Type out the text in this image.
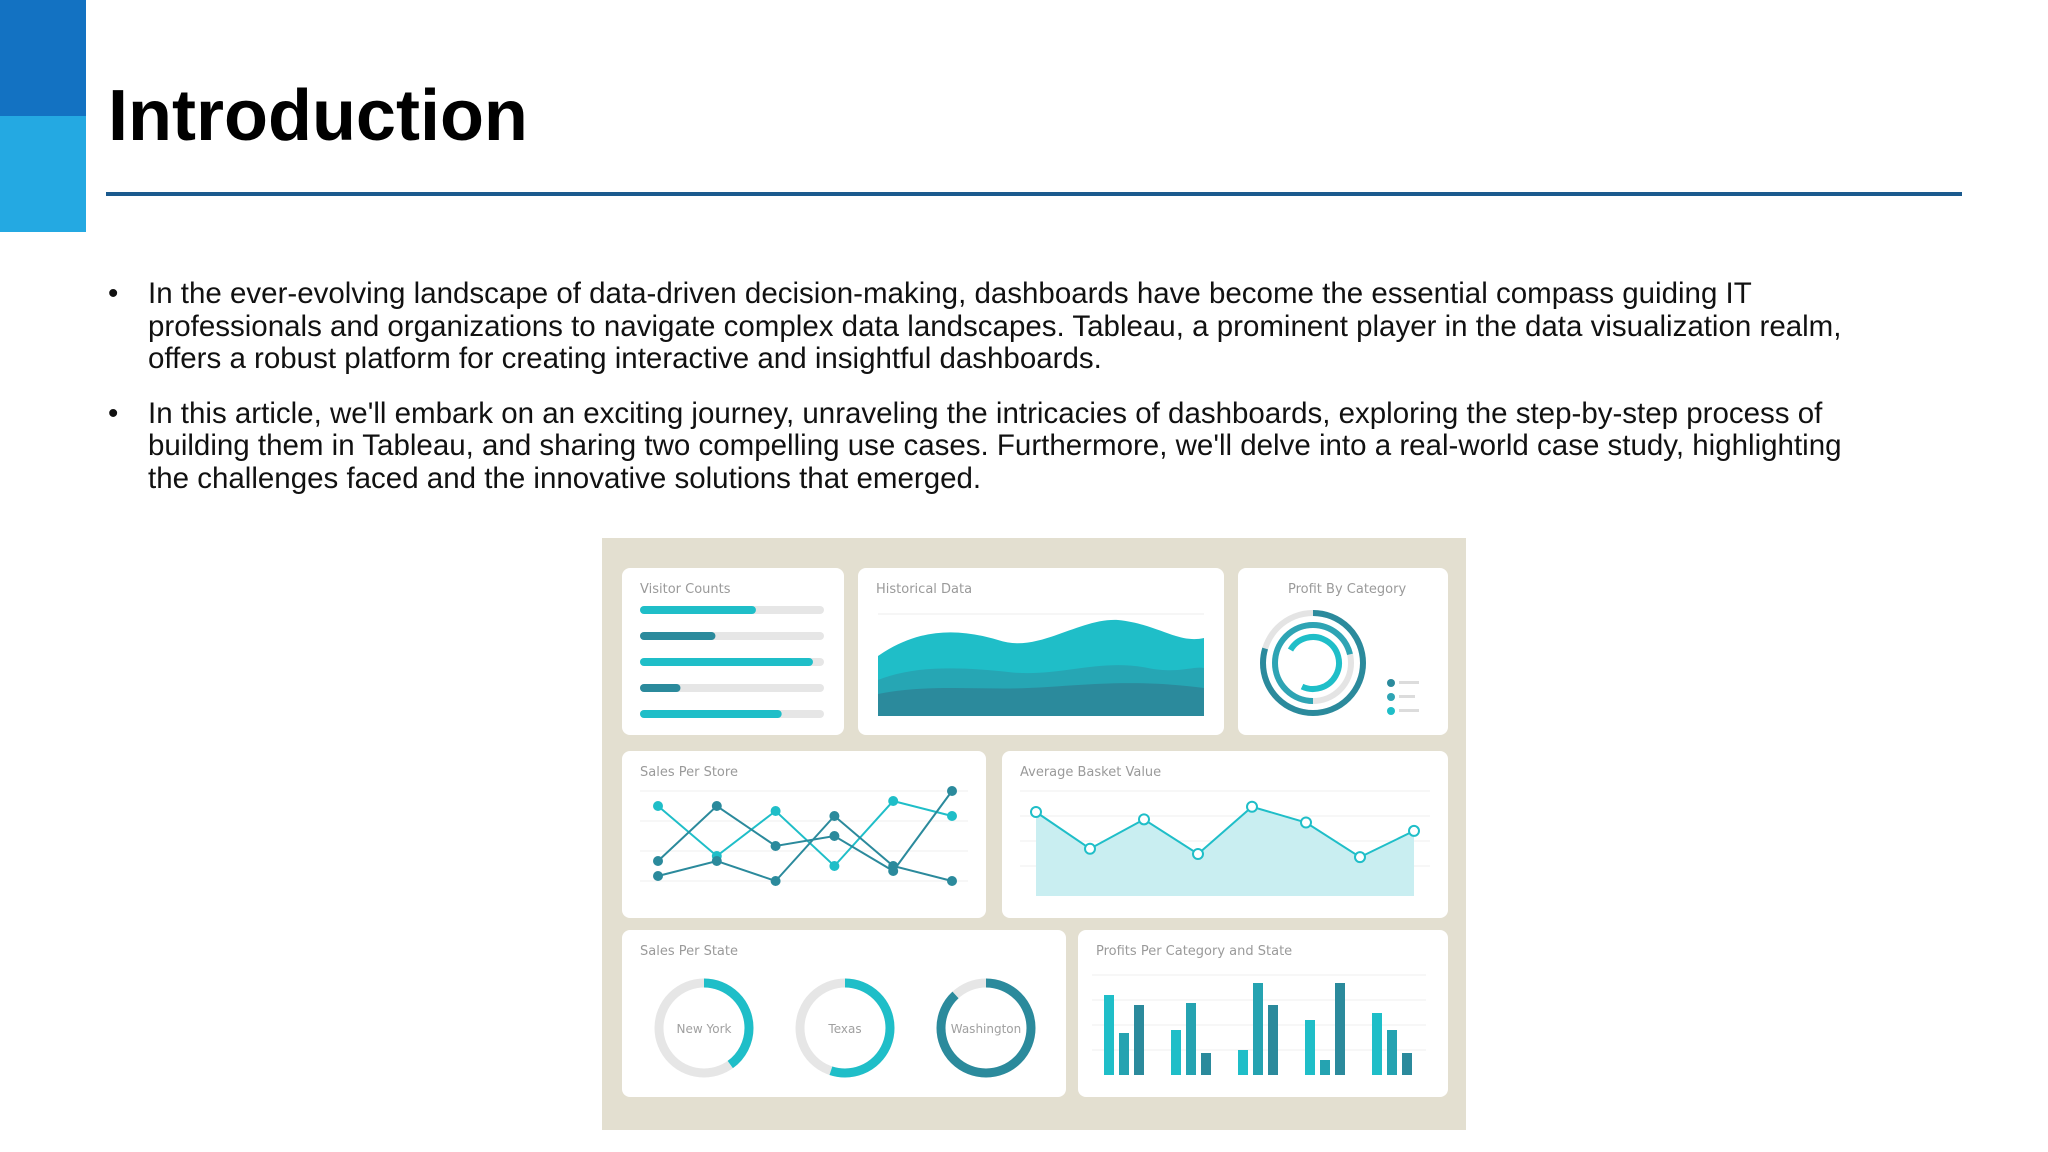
Introduction
• In the ever-evolving landscape of data-driven decision-making, dashboards have become the essential compass guiding IT professionals and organizations to navigate complex data landscapes. Tableau, a prominent player in the data visualization realm, offers a robust platform for creating interactive and insightful dashboards.
• In this article, we'll embark on an exciting journey, unraveling the intricacies of dashboards, exploring the step-by-step process of building them in Tableau, and sharing two compelling use cases. Furthermore, we'll delve into a real-world case study, highlighting the challenges faced and the innovative solutions that emerged.
Visitor Counts	Historical Data	Profit By Category
Sales Per Store	Average Basket Value
Sales Per State
New York	Texas	Washington
Profits Per Category and State
